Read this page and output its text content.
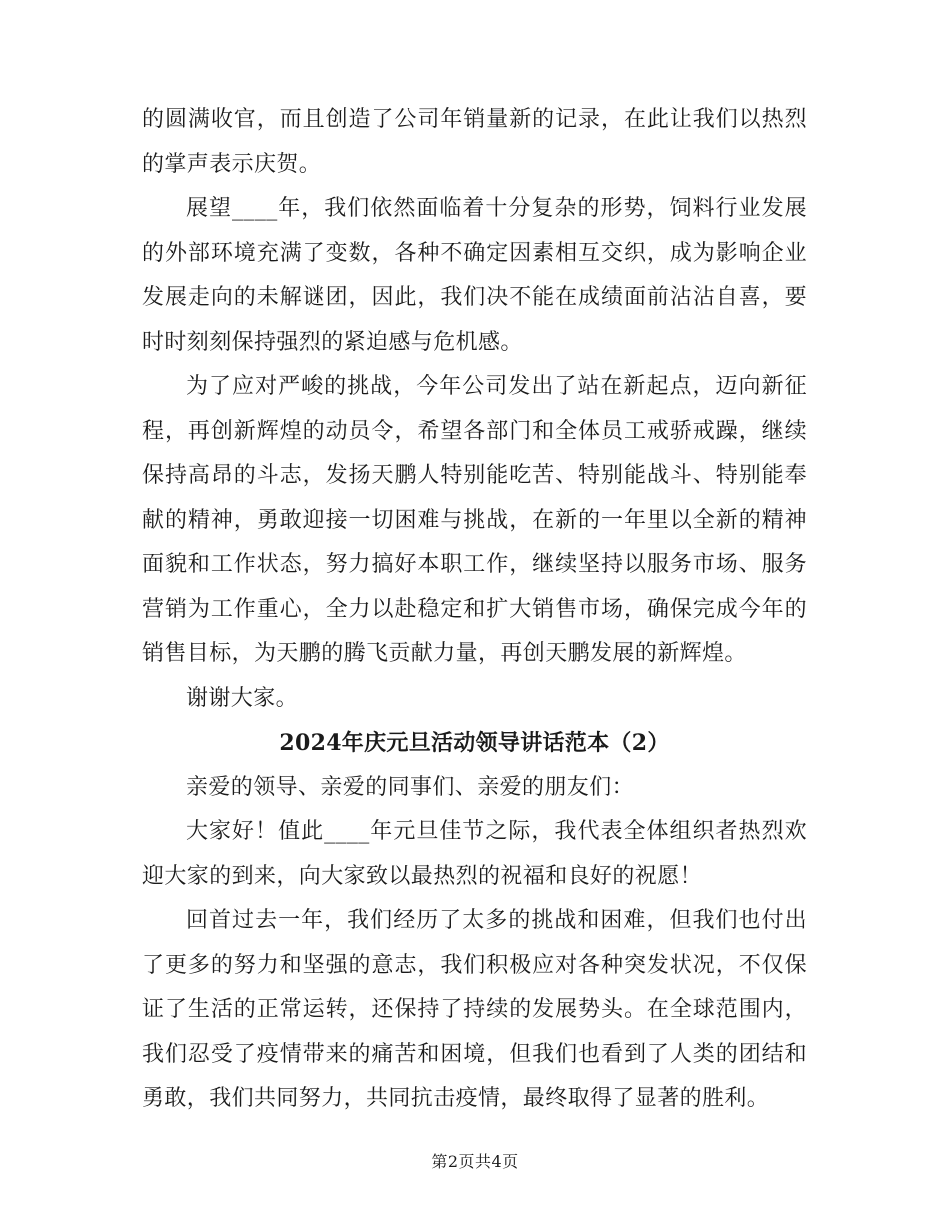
的圆满收官，而且创造了公司年销量新的记录，在此让我们以热烈的掌声表示庆贺。

展望____年，我们依然面临着十分复杂的形势，饲料行业发展的外部环境充满了变数，各种不确定因素相互交织，成为影响企业发展走向的未解谜团，因此，我们决不能在成绩面前沾沾自喜，要时时刻刻保持强烈的紧迫感与危机感。

为了应对严峻的挑战，今年公司发出了站在新起点，迈向新征程，再创新辉煌的动员令，希望各部门和全体员工戒骄戒躁，继续保持高昂的斗志，发扬天鹏人特别能吃苦、特别能战斗、特别能奉献的精神，勇敢迎接一切困难与挑战，在新的一年里以全新的精神面貌和工作状态，努力搞好本职工作，继续坚持以服务市场、服务营销为工作重心，全力以赴稳定和扩大销售市场，确保完成今年的销售目标，为天鹏的腾飞贡献力量，再创天鹏发展的新辉煌。

谢谢大家。

2024年庆元旦活动领导讲话范本（2）

亲爱的领导、亲爱的同事们、亲爱的朋友们：

大家好！值此____年元旦佳节之际，我代表全体组织者热烈欢迎大家的到来，向大家致以最热烈的祝福和良好的祝愿！

回首过去一年，我们经历了太多的挑战和困难，但我们也付出了更多的努力和坚强的意志，我们积极应对各种突发状况，不仅保证了生活的正常运转，还保持了持续的发展势头。在全球范围内，我们忍受了疫情带来的痛苦和困境，但我们也看到了人类的团结和勇敢，我们共同努力，共同抗击疫情，最终取得了显著的胜利。

第2页共4页
